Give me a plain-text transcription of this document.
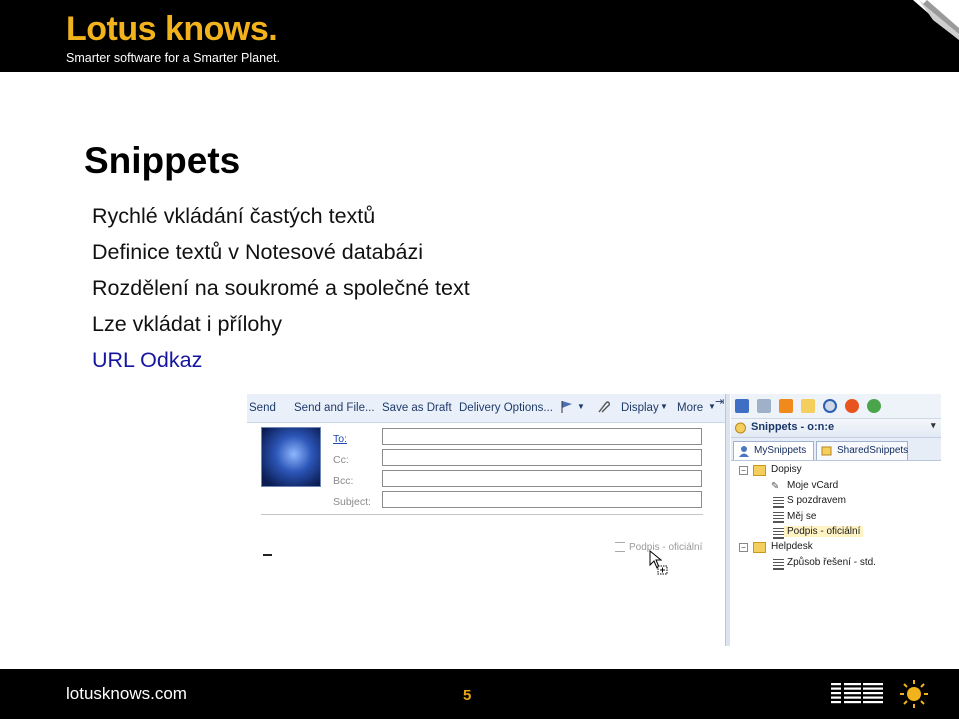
Lotus knows.
Smarter software for a Smarter Planet.
Snippets
Rychlé vkládání častých textů
Definice textů v Notesové databázi
Rozdělení na soukromé a společné text
Lze vkládat i přílohy
URL Odkaz
Send Send and File... Save as Draft Delivery Options...	▼	Display ▼ More ▼ ⇥
To:
Cc:
Bcc:
Subject:
Podpis - oficiální
Snippets - o:n:e	▾
MySnippets	SharedSnippets
−	Dopisy
✎ Moje vCard
S pozdravem
Měj se
Podpis - oficiální
−	Helpdesk
Způsob řešení - std.
lotusknows.com	5
